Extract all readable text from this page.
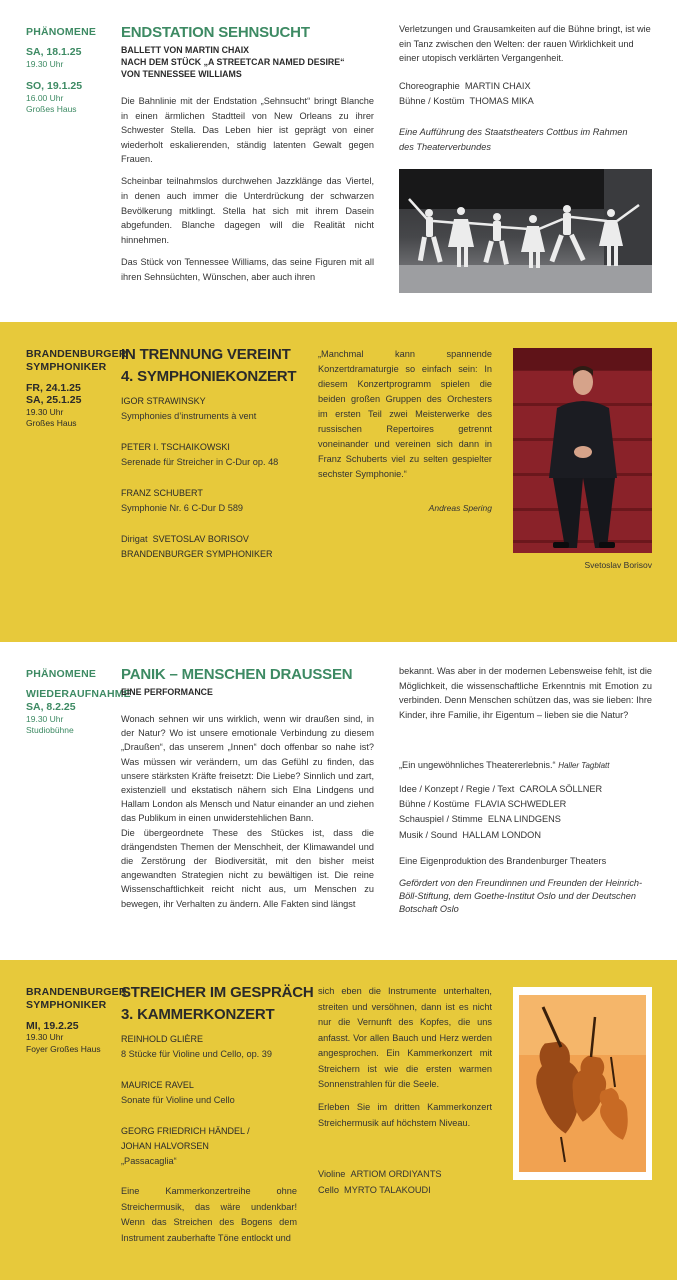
PHÄNOMENE
SA, 18.1.25
19.30 Uhr
SO, 19.1.25
16.00 Uhr
Großes Haus
ENDSTATION SEHNSUCHT
BALLETT VON MARTIN CHAIX
NACH DEM STÜCK „A STREETCAR NAMED DESIRE“
VON TENNESSEE WILLIAMS

Die Bahnlinie mit der Endstation „Sehnsucht“ bringt Blanche in einen ärmlichen Stadtteil von New Orleans zu ihrer Schwester Stella. Das Leben hier ist geprägt von einer wiederholt eskalierenden, ständig latenten Gewalt gegen Frauen.

Scheinbar teilnahmslos durchwehen Jazzklänge das Viertel, in denen auch immer die Unterdrückung der schwarzen Bevölkerung mitklingt. Stella hat sich mit ihrem Dasein abgefunden. Blanche dagegen will die Realität nicht hinnehmen.

Das Stück von Tennessee Williams, das seine Figuren mit all ihren Sehnsüchten, Wünschen, aber auch ihren

Verletzungen und Grausamkeiten auf die Bühne bringt, ist wie ein Tanz zwischen den Welten: der rauen Wirklichkeit und einer utopisch verklärten Vergangenheit.

Choreographie MARTIN CHAIX
Bühne / Kostüm THOMAS MIKA
Eine Aufführung des Staatstheaters Cottbus im Rahmen des Theaterverbundes
BRANDENBURGER
SYMPHONIKER
FR, 24.1.25
SA, 25.1.25
19.30 Uhr
Großes Haus
IN TRENNUNG VEREINT
4. SYMPHONIEKONZERT
IGOR STRAWINSKY
Symphonies d’instruments à vent
PETER I. TSCHAIKOWSKI
Serenade für Streicher in C-Dur op. 48
FRANZ SCHUBERT
Symphonie Nr. 6 C-Dur D 589
Dirigat SVETOSLAV BORISOV
BRANDENBURGER SYMPHONIKER
„Manchmal kann spannende Konzertdramaturgie so einfach sein: In diesem Konzertprogramm spielen die beiden großen Gruppen des Orchesters im ersten Teil zwei Meisterwerke des russischen Repertoires getrennt voneinander und vereinen sich dann in Franz Schuberts viel zu selten gespielter sechster Symphonie.“
Andreas Spering
Svetoslav Borisov
PHÄNOMENE
WIEDERAUFNAHME
SA, 8.2.25
19.30 Uhr
Studiobühne
PANIK – MENSCHEN DRAUSSEN
EINE PERFORMANCE
Wonach sehnen wir uns wirklich, wenn wir draußen sind, in der Natur? Wo ist unsere emotionale Verbindung zu diesem „Draußen“, das unserem „Innen“ doch offenbar so nahe ist? Was müssen wir verändern, um das Gefühl zu finden, das unsere stärksten Kräfte freisetzt: Die Liebe? Sinnlich und zart, existenziell und ekstatisch nähern sich Elna Lindgens und Hallam London als Mensch und Natur einander an und ziehen das Publikum in einen unwiderstehlichen Bann.
Die übergeordnete These des Stückes ist, dass die drängendsten Themen der Menschheit, der Klimawandel und die Zerstörung der Biodiversität, mit den bisher meist angewandten Strategien nicht zu bewältigen ist. Die reine Wissenschaftlichkeit reicht nicht aus, um Menschen zu bewegen, ihr Verhalten zu ändern. Alle Fakten sind längst
bekannt. Was aber in der modernen Lebensweise fehlt, ist die Möglichkeit, die wissenschaftliche Erkenntnis mit Emotion zu verbinden. Denn Menschen schützen das, was sie lieben: Ihre Kinder, ihre Familie, ihr Eigentum – lieben sie die Natur?
„Ein ungewöhnliches Theatererlebnis.“ Haller Tagblatt
Idee / Konzept / Regie / Text CAROLA SÖLLNER
Bühne / Kostüme FLAVIA SCHWEDLER
Schauspiel / Stimme ELNA LINDGENS
Musik / Sound HALLAM LONDON
Eine Eigenproduktion des Brandenburger Theaters
Gefördert von den Freundinnen und Freunden der Heinrich-Böll-Stiftung, dem Goethe-Institut Oslo und der Deutschen Botschaft Oslo
BRANDENBURGER
SYMPHONIKER
MI, 19.2.25
19.30 Uhr
Foyer Großes Haus
STREICHER IM GESPRÄCH
3. KAMMERKONZERT
REINHOLD GLIÈRE
8 Stücke für Violine und Cello, op. 39
MAURICE RAVEL
Sonate für Violine und Cello
GEORG FRIEDRICH HÄNDEL / JOHAN HALVORSEN
„Passacaglia“
Eine Kammerkonzertreihe ohne Streichermusik, das wäre undenkbar! Wenn das Streichen des Bogens dem Instrument zauberhafte Töne entlockt und

sich eben die Instrumente unterhalten, streiten und versöhnen, dann ist es nicht nur die Vernunft des Kopfes, die uns anfasst. Vor allen Bauch und Herz werden angesprochen. Ein Kammerkonzert mit Streichern ist wie die ersten warmen Sonnenstrahlen für die Seele.

Erleben Sie im dritten Kammerkonzert Streichermusik auf höchstem Niveau.

Violine ARTIOM ORDIYANTS
Cello MYRTO TALAKOUDI
